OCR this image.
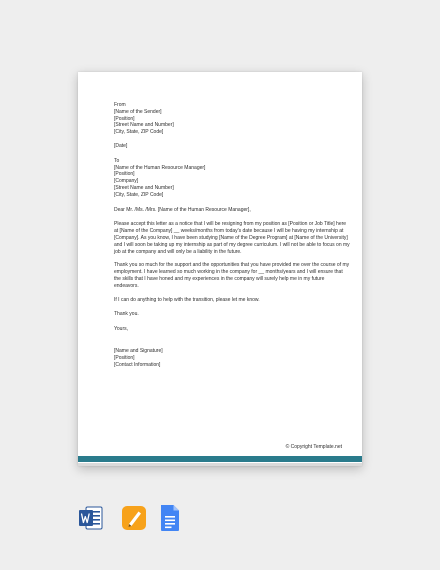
From
[Name of the Sender]
[Position]
[Street Name and Number]
[City, State, ZIP Code]
[Date]
To
[Name of the Human Resource Manager]
[Position]
[Company]
[Street Name and Number]
[City, State, ZIP Code]
Dear Mr. /Ms. /Mrs. [Name of the Human Resource Manager],
Please accept this letter as a notice that I will be resigning from my position as [Position or Job Title] here at [Name of the Company] __ weeks/months from today's date because I will be having my internship at [Company]. As you know, I have been studying [Name of the Degree Program] at [Name of the University] and I will soon be taking up my internship as part of my degree curriculum. I will not be able to focus on my job at the company and will only be a liability in the future.
Thank you so much for the support and the opportunities that you have provided me over the course of my employment. I have learned so much working in the company for __ months/years and I will ensure that the skills that I have honed and my experiences in the company will surely help me in my future endeavors.
If I can do anything to help with the transition, please let me know.
Thank you.
Yours,
[Name and Signature]
[Position]
[Contact Information]
© Copyright Template.net
